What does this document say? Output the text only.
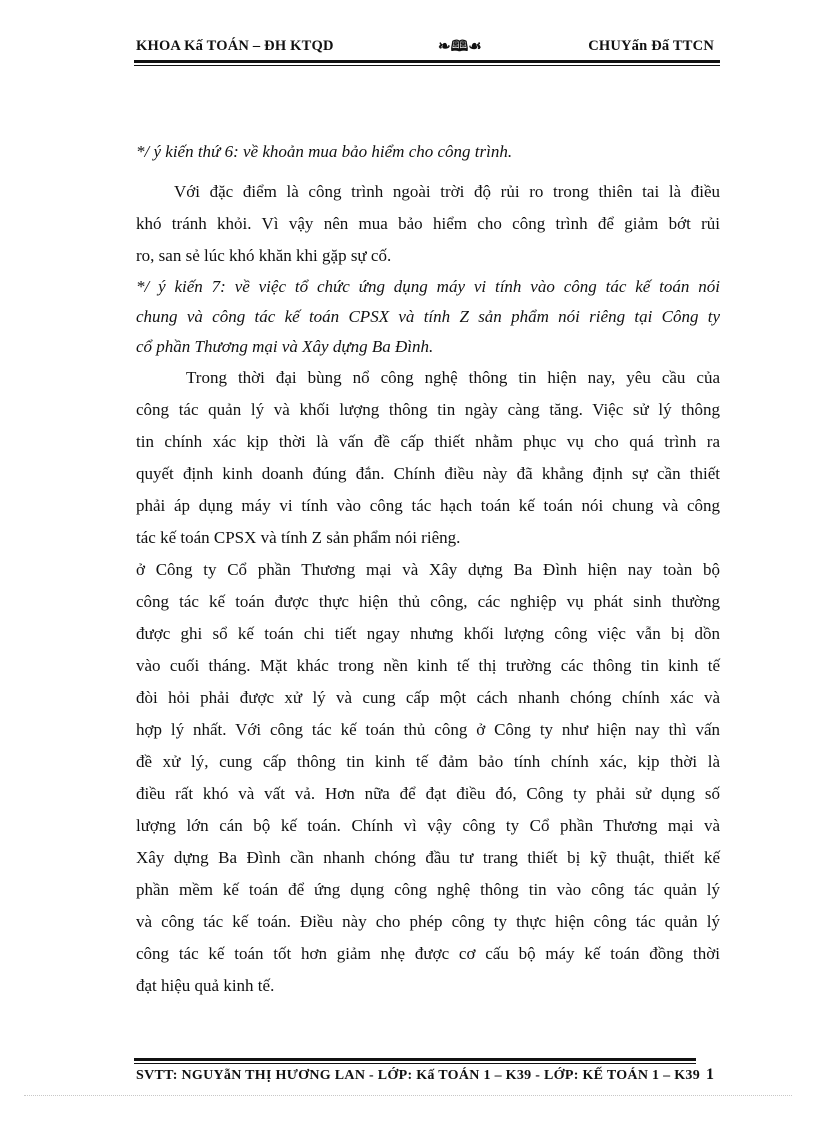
KHOA Kấ TOÁN – ĐH KTQD	❧🕮☙	CHUYấn Đấ TTCN
*/ ý kiến thứ 6: về khoản mua bảo hiểm cho công trình.
Với đặc điểm là công trình ngoài trời độ rủi ro trong thiên tai là điều
khó tránh khỏi. Vì vậy nên mua bảo hiểm cho công trình để giảm bớt rủi
ro, san sẻ lúc khó khăn khi gặp sự cố.
*/ ý kiến 7: về việc tổ chức ứng dụng máy vi tính vào công tác kế toán nói
chung và công tác kế toán CPSX và tính Z sản phẩm nói riêng tại Công ty
cổ phần Thương mại và Xây dựng Ba Đình.
Trong thời đại bùng nổ công nghệ thông tin hiện nay, yêu cầu của
công tác quản lý và khối lượng thông tin ngày càng tăng. Việc sử lý thông
tin chính xác kịp thời là vấn đề cấp thiết nhằm phục vụ cho quá trình ra
quyết định kinh doanh đúng đắn. Chính điều này đã khẳng định sự cần thiết
phải áp dụng máy vi tính vào công tác hạch toán kế toán nói chung và công
tác kế toán CPSX và tính Z sản phẩm nói riêng.
ở Công ty Cổ phần Thương mại và Xây dựng Ba Đình hiện nay toàn bộ
công tác kế toán được thực hiện thủ công, các nghiệp vụ phát sinh thường
được ghi sổ kế toán chi tiết ngay nhưng khối lượng công việc vẫn bị dồn
vào cuối tháng. Mặt khác trong nền kinh tế thị trường các thông tin kinh tế
đòi hỏi phải được xử lý và cung cấp một cách nhanh chóng chính xác và
hợp lý nhất. Với công tác kế toán thủ công ở Công ty như hiện nay thì vấn
đề xử lý, cung cấp thông tin kinh tế đảm bảo tính chính xác, kịp thời là
điều rất khó và vất vả. Hơn nữa để đạt điều đó, Công ty phải sử dụng số
lượng lớn cán bộ kế toán. Chính vì vậy công ty Cổ phần Thương mại và
Xây dựng Ba Đình cần nhanh chóng đầu tư trang thiết bị kỹ thuật, thiết kế
phần mềm kế toán để ứng dụng công nghệ thông tin vào công tác quản lý
và công tác kế toán. Điều này cho phép công ty thực hiện công tác quản lý
công tác kế toán tốt hơn giảm nhẹ được cơ cấu bộ máy kế toán đồng thời
đạt hiệu quả kinh tế.
SVTT: NGUYẫN THỊ HƯƠNG LAN - LỚP: Kấ TOÁN 1 – K39 - LỚP: KẾ TOÁN 1 – K39 1
